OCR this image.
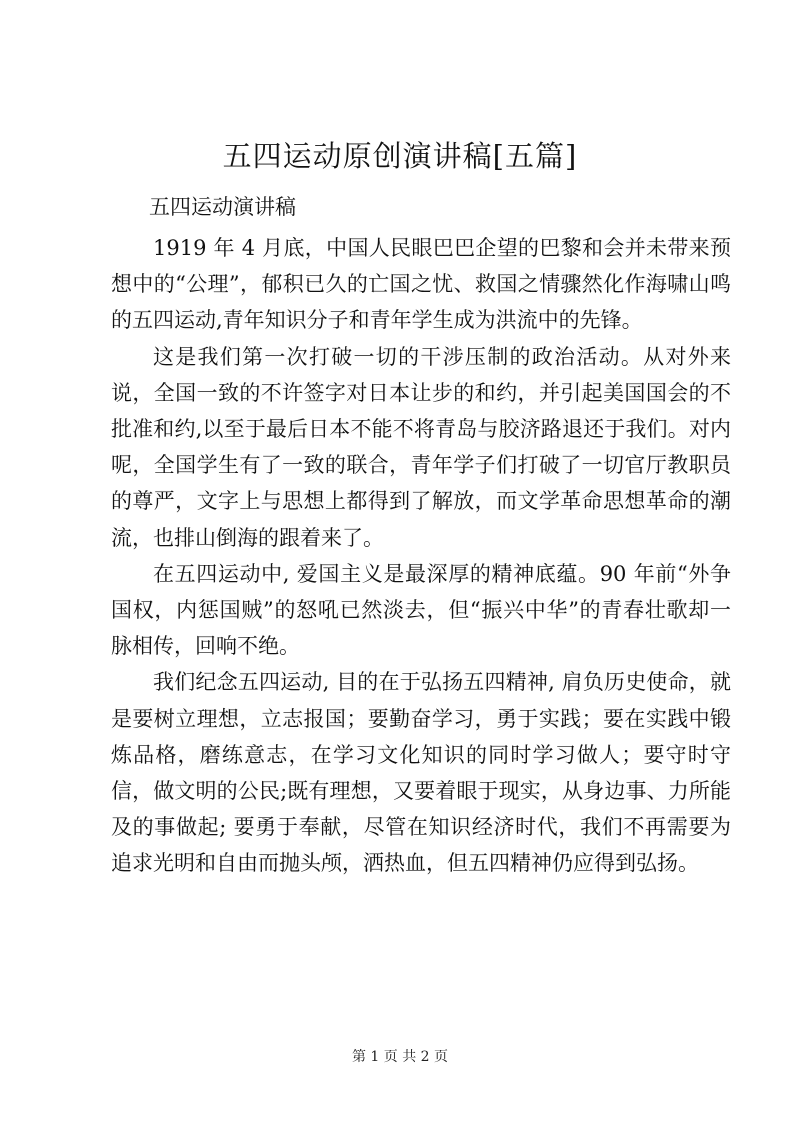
五四运动原创演讲稿[五篇]
五四运动演讲稿

1919 年 4 月底，中国人民眼巴巴企望的巴黎和会并未带来预想中的“公理”，郁积已久的亡国之忧、救国之情骤然化作海啸山鸣的五四运动,青年知识分子和青年学生成为洪流中的先锋。

这是我们第一次打破一切的干涉压制的政治活动。从对外来说，全国一致的不许签字对日本让步的和约，并引起美国国会的不批准和约,以至于最后日本不能不将青岛与胶济路退还于我们。对内呢，全国学生有了一致的联合，青年学子们打破了一切官厅教职员的尊严，文字上与思想上都得到了解放，而文学革命思想革命的潮流，也排山倒海的跟着来了。

在五四运动中, 爱国主义是最深厚的精神底蕴。90 年前“外争国权，内惩国贼”的怒吼已然淡去，但“振兴中华”的青春壮歌却一脉相传，回响不绝。

我们纪念五四运动, 目的在于弘扬五四精神, 肩负历史使命，就是要树立理想，立志报国；要勤奋学习，勇于实践；要在实践中锻炼品格，磨练意志，在学习文化知识的同时学习做人；要守时守信，做文明的公民;既有理想，又要着眼于现实，从身边事、力所能及的事做起; 要勇于奉献，尽管在知识经济时代，我们不再需要为追求光明和自由而抛头颅，洒热血，但五四精神仍应得到弘扬。

第 1 页 共 2 页
